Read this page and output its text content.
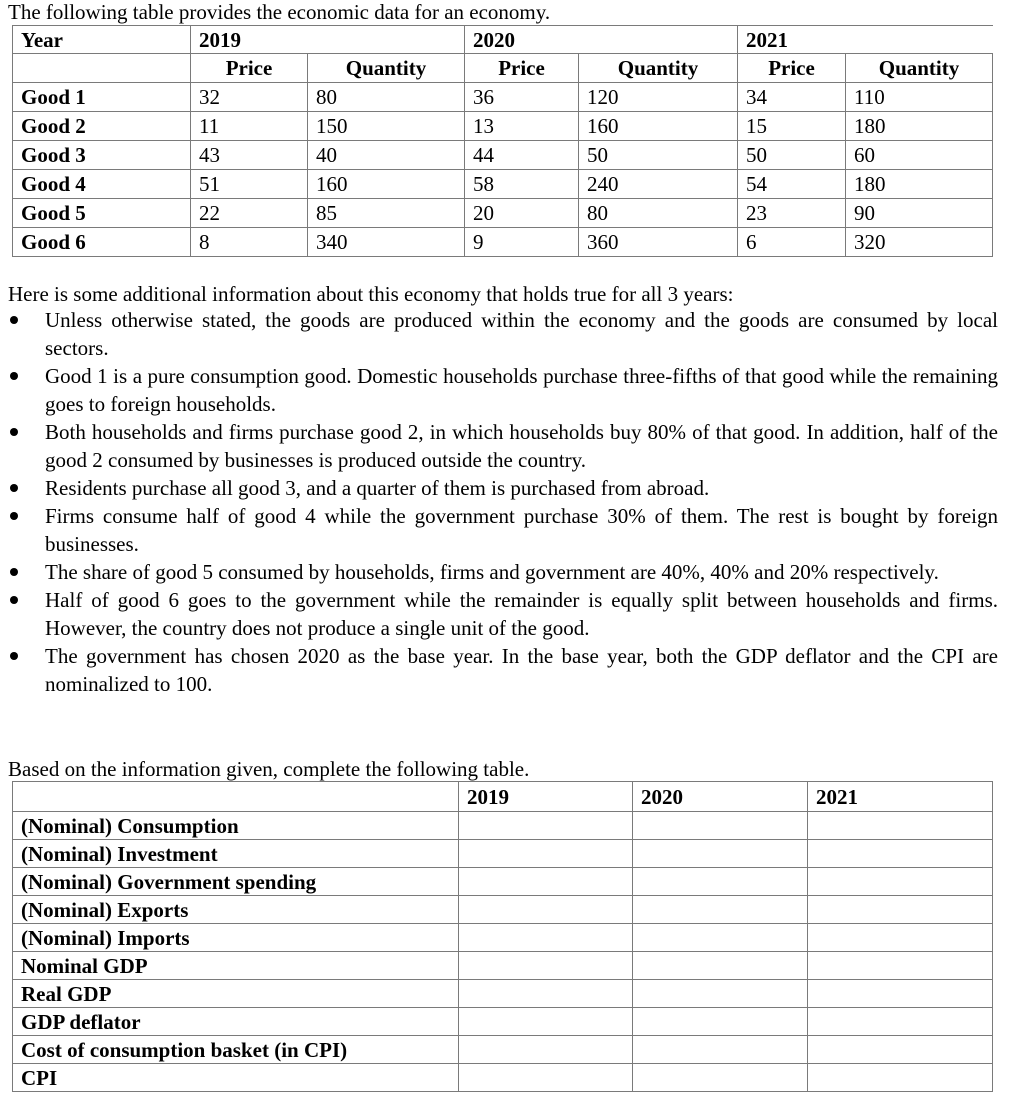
The following table provides the economic data for an economy.
Year	2019		2020		2021	
	Price	Quantity	Price	Quantity	Price	Quantity
Good 1	32	80	36	120	34	110
Good 2	11	150	13	160	15	180
Good 3	43	40	44	50	50	60
Good 4	51	160	58	240	54	180
Good 5	22	85	20	80	23	90
Good 6	8	340	9	360	6	320
Here is some additional information about this economy that holds true for all 3 years:
Unless otherwise stated, the goods are produced within the economy and the goods are consumed by local sectors.
Good 1 is a pure consumption good. Domestic households purchase three-fifths of that good while the remaining goes to foreign households.
Both households and firms purchase good 2, in which households buy 80% of that good. In addition, half of the good 2 consumed by businesses is produced outside the country.
Residents purchase all good 3, and a quarter of them is purchased from abroad.
Firms consume half of good 4 while the government purchase 30% of them. The rest is bought by foreign businesses.
The share of good 5 consumed by households, firms and government are 40%, 40% and 20% respectively.
Half of good 6 goes to the government while the remainder is equally split between households and firms. However, the country does not produce a single unit of the good.
The government has chosen 2020 as the base year. In the base year, both the GDP deflator and the CPI are nominalized to 100.
Based on the information given, complete the following table.
	2019	2020	2021
(Nominal) Consumption			
(Nominal) Investment			
(Nominal) Government spending			
(Nominal) Exports			
(Nominal) Imports			
Nominal GDP			
Real GDP			
GDP deflator			
Cost of consumption basket (in CPI)			
CPI			
